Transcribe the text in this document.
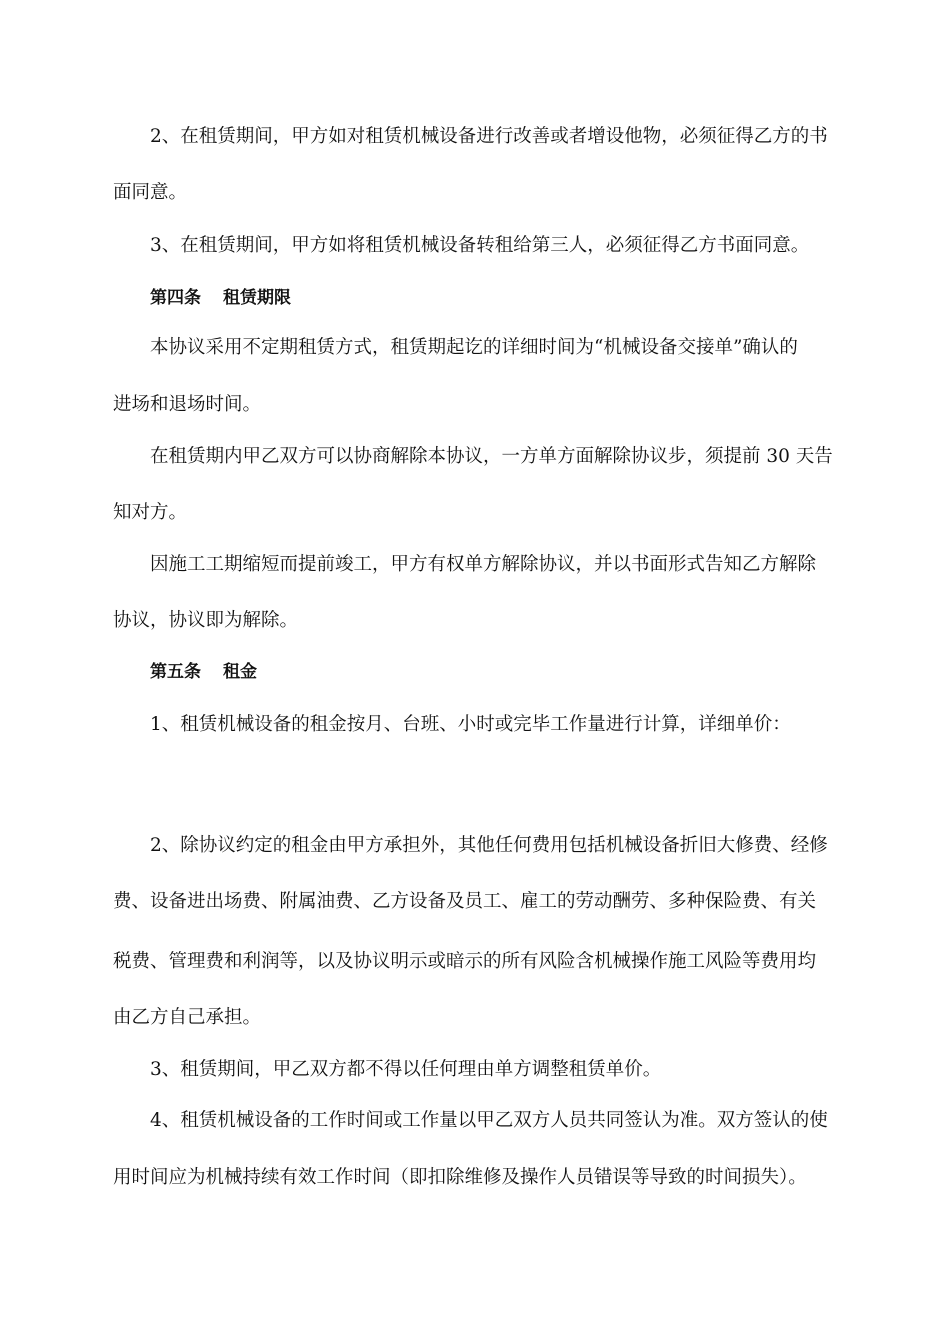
2、在租赁期间，甲方如对租赁机械设备进行改善或者增设他物，必须征得乙方的书
面同意。
3、在租赁期间，甲方如将租赁机械设备转租给第三人，必须征得乙方书面同意。
第四条 租赁期限
本协议采用不定期租赁方式，租赁期起讫的详细时间为“机械设备交接单”确认的
进场和退场时间。
在租赁期内甲乙双方可以协商解除本协议，一方单方面解除协议步，须提前 30 天告
知对方。
因施工工期缩短而提前竣工，甲方有权单方解除协议，并以书面形式告知乙方解除
协议，协议即为解除。
第五条 租金
1、租赁机械设备的租金按月、台班、小时或完毕工作量进行计算，详细单价：
2、除协议约定的租金由甲方承担外，其他任何费用包括机械设备折旧大修费、经修
费、设备进出场费、附属油费、乙方设备及员工、雇工的劳动酬劳、多种保险费、有关
税费、管理费和利润等，以及协议明示或暗示的所有风险含机械操作施工风险等费用均
由乙方自己承担。
3、租赁期间，甲乙双方都不得以任何理由单方调整租赁单价。
4、租赁机械设备的工作时间或工作量以甲乙双方人员共同签认为准。双方签认的使
用时间应为机械持续有效工作时间（即扣除维修及操作人员错误等导致的时间损失）。
